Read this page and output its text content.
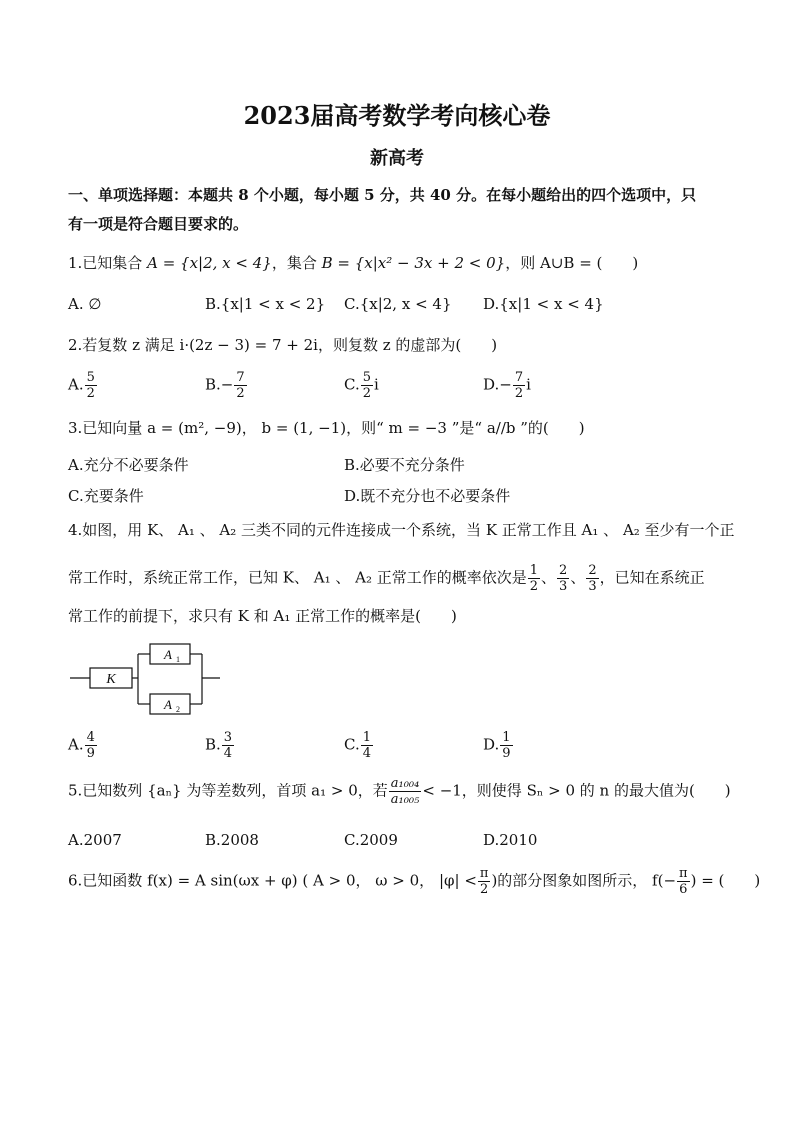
2023届高考数学考向核心卷
新高考
一、单项选择题：本题共 8 个小题，每小题 5 分，共 40 分。在每小题给出的四个选项中，只
有一项是符合题目要求的。
1.已知集合 A = {x|2, x < 4}，集合 B = {x|x² − 3x + 2 < 0}，则 A∪B = (　　)
A. ∅	B.{x|1 < x < 2} C.{x|2, x < 4} D.{x|1 < x < 4}
2.若复数 z 满足 i·(2z − 3) = 7 + 2i，则复数 z 的虚部为(　　)
A. $\frac{5}{2}$	$B.- \frac{7}{2}$	C. $\frac{5}{2}$ i	$D.- \frac{7}{2}$ i
3.已知向量 a = (m², −9)， b = (1, −1)，则“ m = −3 ”是“ a//b ”的(　　)
A.充分不必要条件	B.必要不充分条件
C.充要条件	D.既不充分也不必要条件
4.如图，用 K、 A₁ 、 A₂ 三类不同的元件连接成一个系统，当 K 正常工作且 A₁ 、 A₂ 至少有一个正
常工作时，系统正常工作，已知 K、 A₁ 、 A₂ 正常工作的概率依次是 $\frac{1}{2}$ 、 $\frac{2}{3}$ 、 $\frac{2}{3}$ ，已知在系统正
常工作的前提下，求只有 K 和 A₁ 正常工作的概率是(　　)
K
A 1
A 2
A. $\frac{4}{9}$	B. $\frac{3}{4}$	C. $\frac{1}{4}$	D. $\frac{1}{9}$
5.已知数列 {aₙ} 为等差数列，首项 a₁ > 0，若 $\frac{\text{a₁₀₀₄}}{\text{a₁₀₀₅}} < -1$，则使得 Sₙ > 0 的 n 的最大值为(　　)
A.2007	B.2008	C.2009	D.2010
6.已知函数 f(x) = A sin(ωx + φ) ( A > 0， ω > 0， $|\varphi| < \frac{\pi}{2}$ )的部分图象如图所示， $f(- \frac{\pi}{6}$ ) = (　　)
